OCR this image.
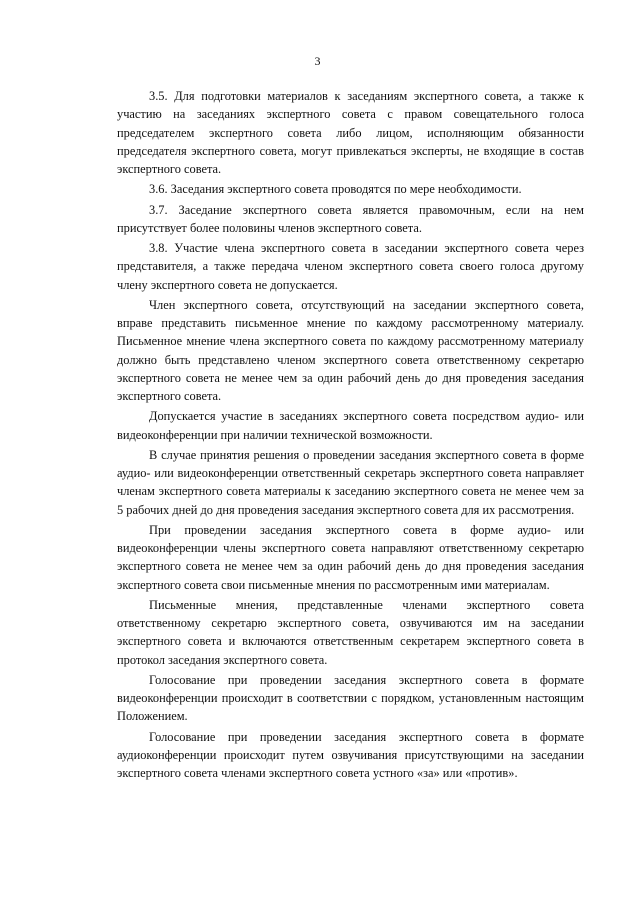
3

3.5. Для подготовки материалов к заседаниям экспертного совета, а также к участию на заседаниях экспертного совета с правом совещательного голоса председателем экспертного совета либо лицом, исполняющим обязанности председателя экспертного совета, могут привлекаться эксперты, не входящие в состав экспертного совета.

3.6. Заседания экспертного совета проводятся по мере необходимости.

3.7. Заседание экспертного совета является правомочным, если на нем присутствует более половины членов экспертного совета.

3.8. Участие члена экспертного совета в заседании экспертного совета через представителя, а также передача членом экспертного совета своего голоса другому члену экспертного совета не допускается.

Член экспертного совета, отсутствующий на заседании экспертного совета, вправе представить письменное мнение по каждому рассмотренному материалу. Письменное мнение члена экспертного совета по каждому рассмотренному материалу должно быть представлено членом экспертного совета ответственному секретарю экспертного совета не менее чем за один рабочий день до дня проведения заседания экспертного совета.

Допускается участие в заседаниях экспертного совета посредством аудио- или видеоконференции при наличии технической возможности.

В случае принятия решения о проведении заседания экспертного совета в форме аудио- или видеоконференции ответственный секретарь экспертного совета направляет членам экспертного совета материалы к заседанию экспертного совета не менее чем за 5 рабочих дней до дня проведения заседания экспертного совета для их рассмотрения.

При проведении заседания экспертного совета в форме аудио- или видеоконференции члены экспертного совета направляют ответственному секретарю экспертного совета не менее чем за один рабочий день до дня проведения заседания экспертного совета свои письменные мнения по рассмотренным ими материалам.

Письменные мнения, представленные членами экспертного совета ответственному секретарю экспертного совета, озвучиваются им на заседании экспертного совета и включаются ответственным секретарем экспертного совета в протокол заседания экспертного совета.

Голосование при проведении заседания экспертного совета в формате видеоконференции происходит в соответствии с порядком, установленным настоящим Положением.

Голосование при проведении заседания экспертного совета в формате аудиоконференции происходит путем озвучивания присутствующими на заседании экспертного совета членами экспертного совета устного «за» или «против».
